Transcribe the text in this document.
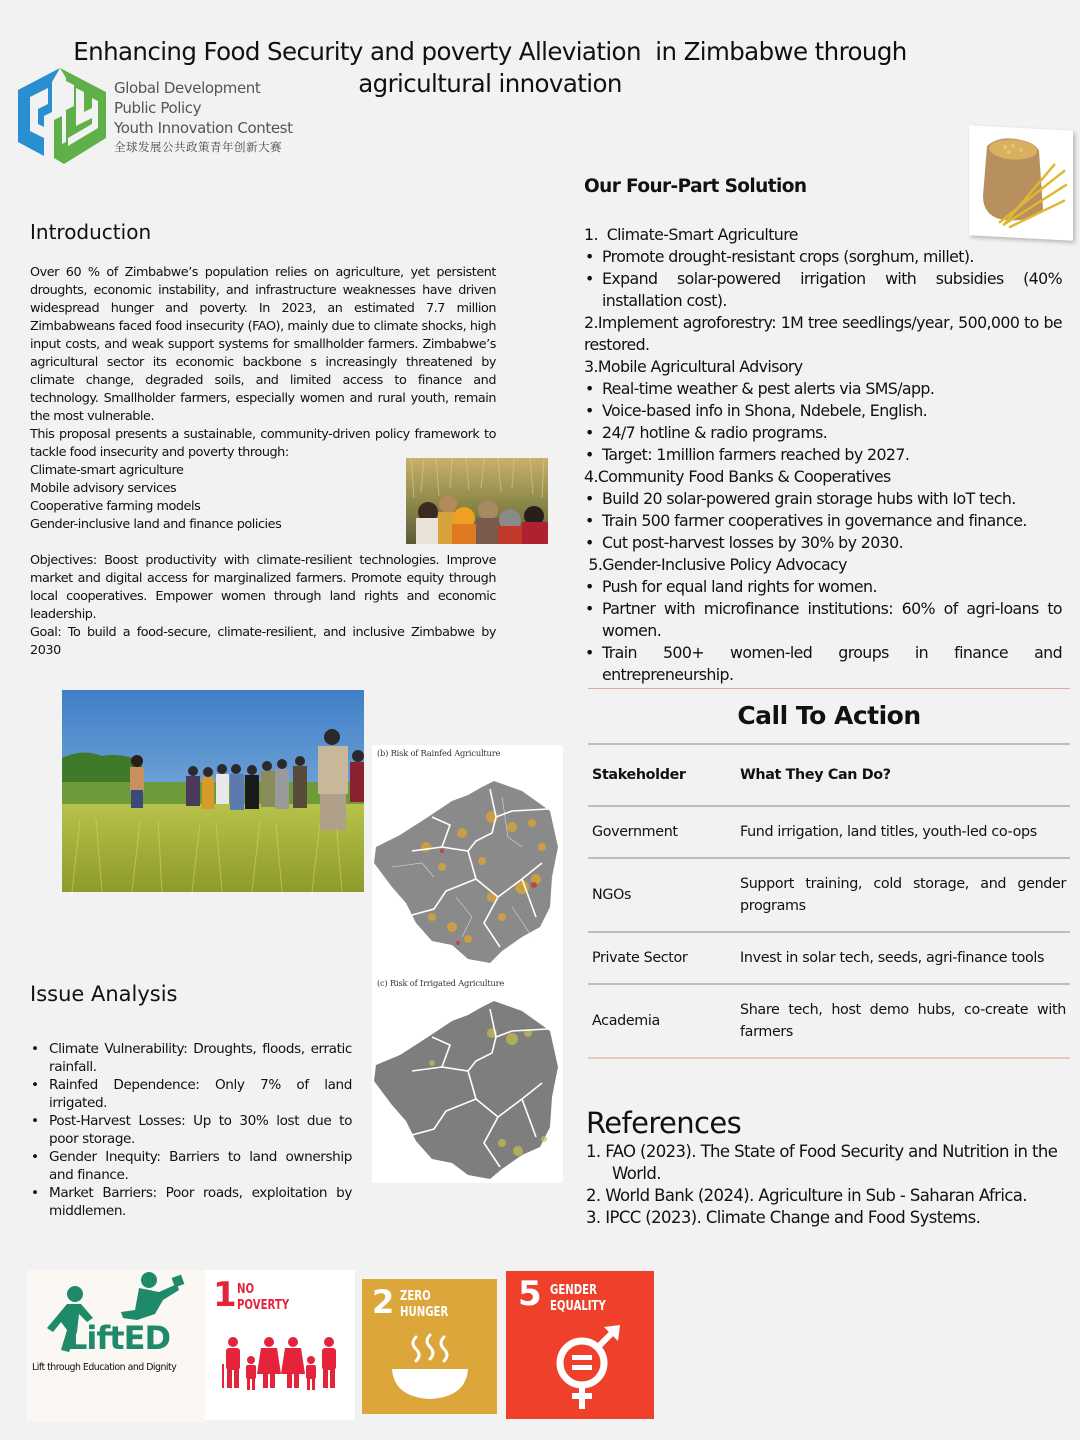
Enhancing Food Security and poverty Alleviation  in Zimbabwe through
agricultural innovation
Global Development
Public Policy
Youth Innovation Contest
全球发展公共政策青年创新大赛
Introduction
Over 60 % of Zimbabwe’s population relies on agriculture, yet persistent droughts, economic instability, and infrastructure weaknesses have driven widespread hunger and poverty. In 2023, an estimated 7.7 million Zimbabweans faced food insecurity (FAO), mainly due to climate shocks, high input costs, and weak support systems for smallholder farmers. Zimbabwe’s agricultural sector its economic backbone s increasingly threatened by climate change, degraded soils, and limited access to finance and technology. Smallholder farmers, especially women and rural youth, remain the most vulnerable.
This proposal presents a sustainable, community-driven policy framework to tackle food insecurity and poverty through:
Climate-smart agriculture
Mobile advisory services
Cooperative farming models
Gender-inclusive land and finance policies
Objectives: Boost productivity with climate-resilient technologies. Improve market and digital access for marginalized farmers. Promote equity through local cooperatives. Empower women through land rights and economic leadership.
Goal: To build a food-secure, climate-resilient, and inclusive Zimbabwe by 2030
(b) Risk of Rainfed Agriculture
(c) Risk of Irrigated Agriculture
Issue Analysis
• Climate Vulnerability: Droughts, floods, erratic rainfall.
• Rainfed Dependence: Only 7% of land irrigated.
• Post-Harvest Losses: Up to 30% lost due to poor storage.
• Gender Inequity: Barriers to land ownership and finance.
• Market Barriers: Poor roads, exploitation by middlemen.
Our Four-Part Solution
1.  Climate-Smart Agriculture
• Promote drought-resistant crops (sorghum, millet).
• Expand solar-powered irrigation with subsidies (40% installation cost).
2.Implement agroforestry: 1M tree seedlings/year, 500,000 to be restored.
3.Mobile Agricultural Advisory
• Real-time weather & pest alerts via SMS/app.
• Voice-based info in Shona, Ndebele, English.
• 24/7 hotline & radio programs.
• Target: 1million farmers reached by 2027.
4.Community Food Banks & Cooperatives
• Build 20 solar-powered grain storage hubs with IoT tech.
• Train 500 farmer cooperatives in governance and finance.
• Cut post-harvest losses by 30% by 2030.
5.Gender-Inclusive Policy Advocacy
• Push for equal land rights for women.
• Partner with microfinance institutions: 60% of agri-loans to women.
• Train 500+ women-led groups in finance and entrepreneurship.
Call To Action
Stakeholder	What They Can Do?
Government	Fund irrigation, land titles, youth-led co-ops
NGOs	Support training, cold storage, and gender programs
Private Sector	Invest in solar tech, seeds, agri-finance tools
Academia	Share tech, host demo hubs, co-create with farmers
References
1. FAO (2023). The State of Food Security and Nutrition in the
World.
2. World Bank (2024). Agriculture in Sub - Saharan Africa.
3. IPCC (2023). Climate Change and Food Systems.
LiftED
Lift through Education and Dignity
1 NO
POVERTY	2 ZERO
HUNGER 5 GENDER
EQUALITY
